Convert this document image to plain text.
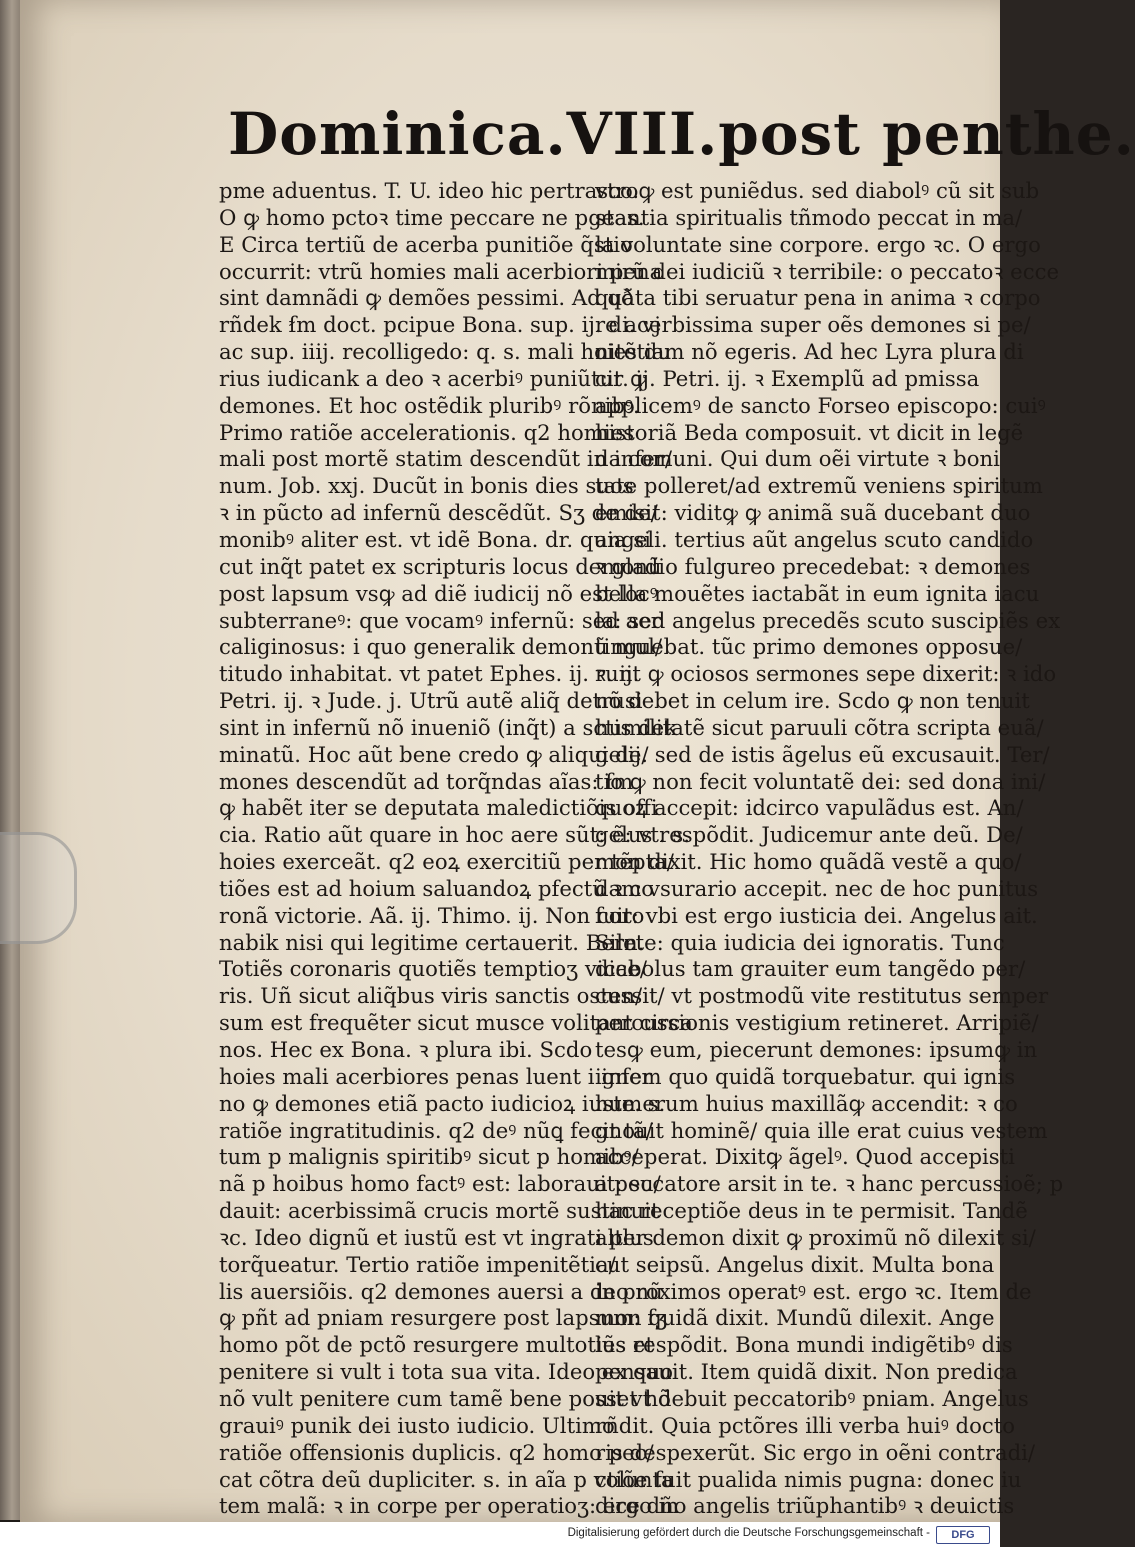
Dominica.VIII.post penthe.
pme aduentus. T. U. ideo hic pertrasco.
O ꝙ homo pctoꝛ time peccare ne pgeas.
E Circa tertiũ de acerba punitiõe q̃stio
occurrit: vtrũ homies mali acerbiori pena
sint damnãdi ꝙ demões pessimi. Ad qð
rñdek ẜm doct. pcipue Bona. sup. ij. di. vj
ac sup. iiij. recolligedo: q. s. mali hoies du
rius iudicank a deo ꝛ acerbiꝰ puniũtur ꝙ
demones. Et hoc ostẽdik pluribꝰ rõnibꝰ.
Primo ratiõe accelerationis. q2 homies
mali post mortẽ statim descendũt in infer/
num. Job. xxj. Ducũt in bonis dies suos
ꝛ in pũcto ad infernũ descẽdũt. Sʒ de de/
monibꝰ aliter est. vt idẽ Bona. dr. quia si
cut inq̃t patet ex scripturis locus demonũ
post lapsum vsꝙ ad diẽ iudicij nõ est locꝰ
subterraneꝰ: que vocamꝰ infernũ: sed aer
caliginosus: i quo generalik demonũ mul/
titudo inhabitat. vt patet Ephes. ij. ꝛ. ij.
Petri. ij. ꝛ Jude. j. Utrũ autẽ aliq̃ detrusi
sint in infernũ nõ inueniõ (inq̃t) a sctis dek
minatũ. Hoc aũt bene credo ꝙ aliqui de/
mones descendũt ad torq̃ndas aĩas: ẜm
ꝙ habẽt iter se deputata maledictiõis offi
cia. Ratio aũt quare in hoc aere sũt: ẽ: vt. s.
hoies exerceãt. q2 eoꝝ exercitiũ per tẽpta/
tiões est ad hoium saluandoꝝ pfectũ ꝛ co
ronã victorie. Aã. ij. Thimo. ij. Non coro
nabik nisi qui legitime certauerit. Bern.
Totiẽs coronaris quotiẽs temptioʒ vicce/
ris. Uñ sicut aliq̃bus viris sanctis osten/
sum est frequẽter sicut musce volitant circa
nos. Hec ex Bona. ꝛ plura ibi. Scdo
hoies mali acerbiores penas luent i infer
no ꝙ demones etiã pacto iudicioꝝ iuste. s.
ratiõe ingratitudinis. q2 deꝰ nũꝗ fecit tã/
tum p malignis spiritibꝰ sicut p homibꝰ/
nã p hoibus homo factꝰ est: laborauit: su/
dauit: acerbissimã crucis mortẽ sustinuit
ꝛc. Ideo dignũ et iustũ est vt ingrati plus
torq̃ueatur. Tertio ratiõe impenitẽtia/
lis auersiõis. q2 demones auersi a deo nũ
ꝙ pñt ad pniam resurgere post lapsum: ſʒ
homo põt de pctõ resurgere multotiẽs et
penitere si vult i tota sua vita. Ideo ex quo
nõ vult penitere cum tamẽ bene posset hõ
grauiꝰ punik dei iusto iudicio. Ultimo
ratiõe offensionis duplicis. q2 homo pec/
cat cõtra deũ dupliciter. s. in aĩa p volunta
tem malã: ꝛ in corpe per operatioʒ: ergo in
vtroꝙ est puniẽdus. sed diabolꝰ cũ sit sub
stantia spiritualis tñmodo peccat in ma/
la voluntate sine corpore. ergo ꝛc. O ergo
mirũ dei iudiciũ ꝛ terribile: o peccatoꝛ ecce
quãta tibi seruatur pena in anima ꝛ corpo
re acerbissima super oẽs demones si pe/
nitẽtiam nõ egeris. Ad hec Lyra plura di
cit. ij. Petri. ij. ꝛ Exemplũ ad pmissa
applicemꝰ de sancto Forseo episcopo: cuiꝰ
historiã Beda composuit. vt dicit in legẽ
da comuni. Qui dum oẽi virtute ꝛ boni
tate polleret/ad extremũ veniens spiritum
emisit: viditꝙ ꝙ animã suã ducebant duo
angeli. tertius aũt angelus scuto candido
ꝛ gladio fulgureo precedebat: ꝛ demones
bella mouẽtes iactabãt in eum ignita iacu
la: sed angelus precedẽs scuto suscipiẽs ex
tinguebat. tũc primo demones opposue/
runt ꝙ ociosos sermones sepe dixerit: ꝛ ido
nõ debet in celum ire. Scdo ꝙ non tenuit
humilitatẽ sicut paruuli cõtra scripta euã/
gelij. sed de istis ãgelus eũ excusauit. Ter/
tio ꝙ non fecit voluntatẽ dei: sed dona ini/
quoꝝ accepit: idcirco vapulãdus est. An/
gelus respõdit. Judicemur ante deũ. De/
mon dixit. Hic homo quãdã vestẽ a quo/
dam vsurario accepit. nec de hoc punitus
fuit: vbi est ergo iusticia dei. Angelus ait.
Silete: quia iudicia dei ignoratis. Tunc
diabolus tam grauiter eum tangẽdo per/
cussit/ vt postmodũ vite restitutus semper
percussionis vestigium retineret. Arripiẽ/
tesꝙ eum, piecerunt demones: ipsumꝙ in
ignem quo quidã torquebatur. qui ignis
humerum huius maxillãꝙ accendit: ꝛ co
gnouit hominẽ/ quia ille erat cuius vestem
acceperat. Dixitꝙ ãgelꝰ. Quod accepisti
a peccatore arsit in te. ꝛ hanc percussioẽ; p
hac receptiõe deus in te permisit. Tandẽ
alter demon dixit ꝙ proximũ nõ dilexit si/
cut seipsũ. Angelus dixit. Multa bona
in proximos operatꝰ est. ergo ꝛc. Item de
mon quidã dixit. Mundũ dilexit. Ange
lus respõdit. Bona mundi indigẽtibꝰ dis
pensauit. Item quidã dixit. Non predica
uit vt debuit peccatoribꝰ pniam. Angelus
rñdit. Quia pctõres illi verba huiꝰ docto
ris despexerũt. Sic ergo in oẽni contradi/
ctiõe fuit pualida nimis pugna: donec iu
dice dño angelis triũphantibꝰ ꝛ deuictis
Digitalisierung gefördert durch die Deutsche Forschungsgemeinschaft -	DFG
